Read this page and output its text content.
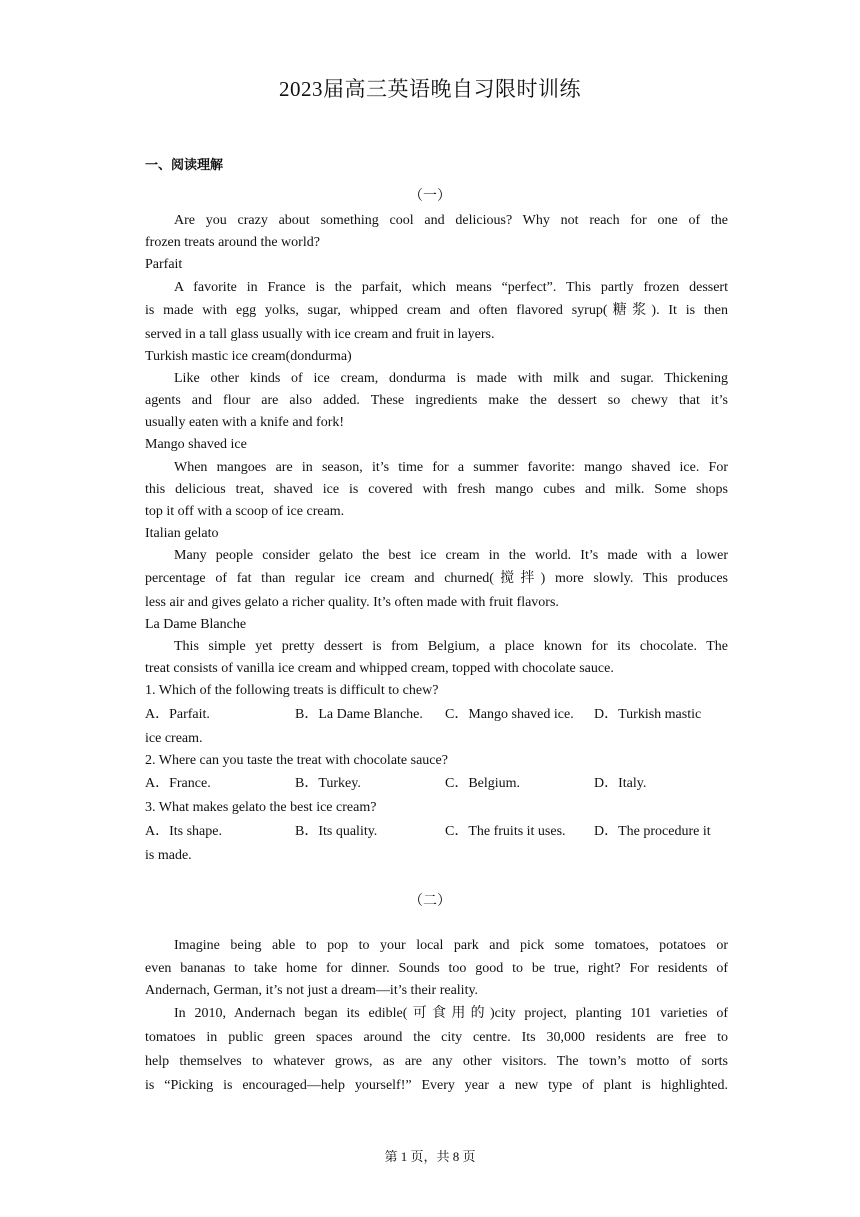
2023届高三英语晚自习限时训练
一、阅读理解
（一）
Are you crazy about something cool and delicious? Why not reach for one of the
frozen treats around the world?
Parfait
A favorite in France is the parfait, which means “perfect”. This partly frozen dessert
is made with egg yolks, sugar, whipped cream and often flavored syrup(糖浆). It is then
served in a tall glass usually with ice cream and fruit in layers.
Turkish mastic ice cream(dondurma)
Like other kinds of ice cream, dondurma is made with milk and sugar. Thickening
agents and flour are also added. These ingredients make the dessert so chewy that it’s
usually eaten with a knife and fork!
Mango shaved ice
When mangoes are in season, it’s time for a summer favorite: mango shaved ice. For
this delicious treat, shaved ice is covered with fresh mango cubes and milk. Some shops
top it off with a scoop of ice cream.
Italian gelato
Many people consider gelato the best ice cream in the world. It’s made with a lower
percentage of fat than regular ice cream and churned(搅拌) more slowly. This produces
less air and gives gelato a richer quality. It’s often made with fruit flavors.
La Dame Blanche
This simple yet pretty dessert is from Belgium, a place known for its chocolate. The
treat consists of vanilla ice cream and whipped cream, topped with chocolate sauce.
1. Which of the following treats is difficult to chew?
A．Parfait.	B．La Dame Blanche. C．Mango shaved ice. D．Turkish mastic
ice cream.
2. Where can you taste the treat with chocolate sauce?
A．France.	B．Turkey.	C．Belgium.	D．Italy.
3. What makes gelato the best ice cream?
A．Its shape.	B．Its quality.	C．The fruits it uses. D．The procedure it
is made.
（二）
Imagine being able to pop to your local park and pick some tomatoes, potatoes or
even bananas to take home for dinner. Sounds too good to be true, right? For residents of
Andernach, German, it’s not just a dream—it’s their reality.
In 2010, Andernach began its edible(可食用的)city project, planting 101 varieties of
tomatoes in public green spaces around the city centre. Its 30,000 residents are free to
help themselves to whatever grows, as are any other visitors. The town’s motto of sorts
is “Picking is encouraged—help yourself!” Every year a new type of plant is highlighted.
第 1 页，共 8 页
